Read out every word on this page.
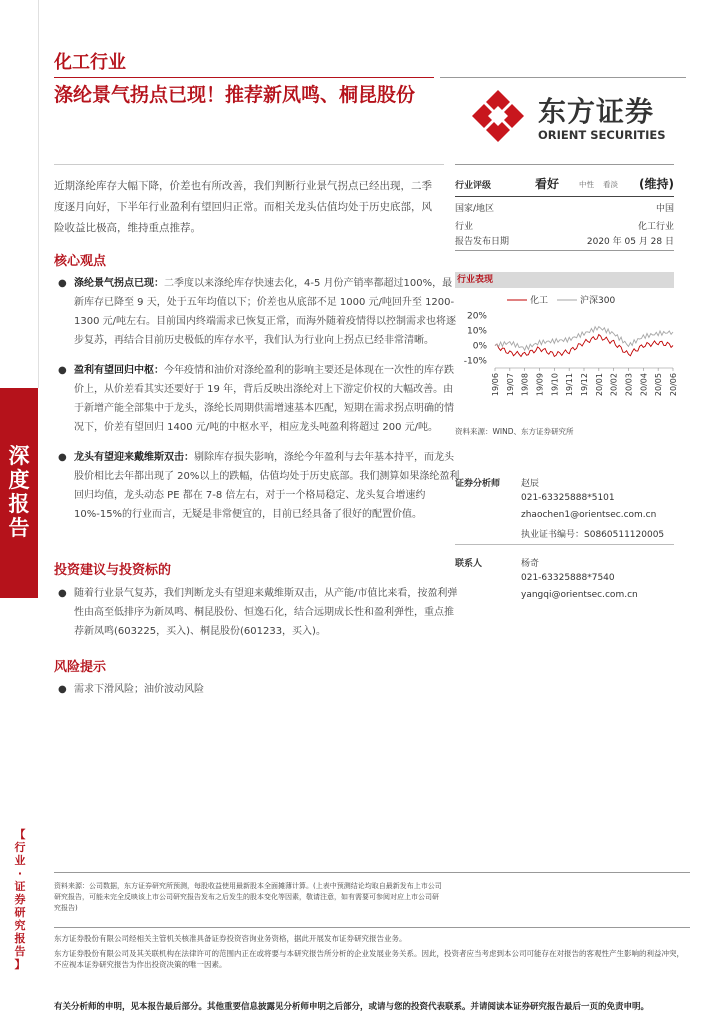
深
度
报
告
【
行
业
·
证
券
研
究
报
告
】
化工行业
涤纶景气拐点已现！推荐新凤鸣、桐昆股份	东方证券
ORIENT SECURITIES
近期涤纶库存大幅下降，价差也有所改善，我们判断行业景气拐点已经出现，二季度逐月向好，下半年行业盈利有望回归正常。而相关龙头估值均处于历史底部，风险收益比极高，维持重点推荐。
核心观点
● 涤纶景气拐点已现：二季度以来涤纶库存快速去化，4-5 月份产销率都超过100%，最新库存已降至 9 天，处于五年均值以下；价差也从底部不足 1000 元/吨回升至 1200-1300 元/吨左右。目前国内终端需求已恢复正常，而海外随着疫情得以控制需求也将逐步复苏，再结合目前历史极低的库存水平，我们认为行业向上拐点已经非常清晰。
● 盈利有望回归中枢：今年疫情和油价对涤纶盈利的影响主要还是体现在一次性的库存跌价上，从价差看其实还要好于 19 年，背后反映出涤纶对上下游定价权的大幅改善。由于新增产能全部集中于龙头，涤纶长周期供需增速基本匹配，短期在需求拐点明确的情况下，价差有望回归 1400 元/吨的中枢水平，相应龙头吨盈利将超过 200 元/吨。
● 龙头有望迎来戴维斯双击：剔除库存损失影响，涤纶今年盈利与去年基本持平，而龙头股价相比去年都出现了 20%以上的跌幅，估值均处于历史底部。我们测算如果涤纶盈利回归均值，龙头动态 PE 都在 7-8 倍左右，对于一个格局稳定、龙头复合增速约 10%-15%的行业而言，无疑是非常便宜的，目前已经具备了很好的配置价值。
投资建议与投资标的
● 随着行业景气复苏，我们判断龙头有望迎来戴维斯双击，从产能/市值比来看，按盈利弹性由高至低排序为新凤鸣、桐昆股份、恒逸石化，结合远期成长性和盈利弹性，重点推荐新凤鸣(603225，买入)、桐昆股份(601233，买入)。
风险提示
● 需求下滑风险；油价波动风险
行业评级	看好	中性 看淡 (维持)
国家/地区	中国
行业	化工行业
报告发布日期	2020 年 05 月 28 日
行业表现
化工	沪深300
20%
10%
0%
-10%
19/06 19/07 19/08 19/09 19/10 19/11 19/12 20/01 20/02 20/03 20/04 20/05 20/06
资料来源：WIND、东方证券研究所
证券分析师 赵辰
021-63325888*5101
zhaochen1@orientsec.com.cn
执业证书编号：S0860511120005
联系人	杨奇
021-63325888*7540
yangqi@orientsec.com.cn
资料来源：公司数据，东方证券研究所预测，每股收益使用最新股本全面摊薄计算。(上表中预测结论均取自最新发布上市公司研究报告，可能未完全反映该上市公司研究报告发布之后发生的股本变化等因素，敬请注意，如有需要可参阅对应上市公司研究报告)
东方证券股份有限公司经相关主管机关核准具备证券投资咨询业务资格，据此开展发布证券研究报告业务。
东方证券股份有限公司及其关联机构在法律许可的范围内正在或将要与本研究报告所分析的企业发展业务关系。因此，投资者应当考虑到本公司可能存在对报告的客观性产生影响的利益冲突，不应视本证券研究报告为作出投资决策的唯一因素。
有关分析师的申明，见本报告最后部分。其他重要信息披露见分析师申明之后部分，或请与您的投资代表联系。并请阅读本证券研究报告最后一页的免责申明。
